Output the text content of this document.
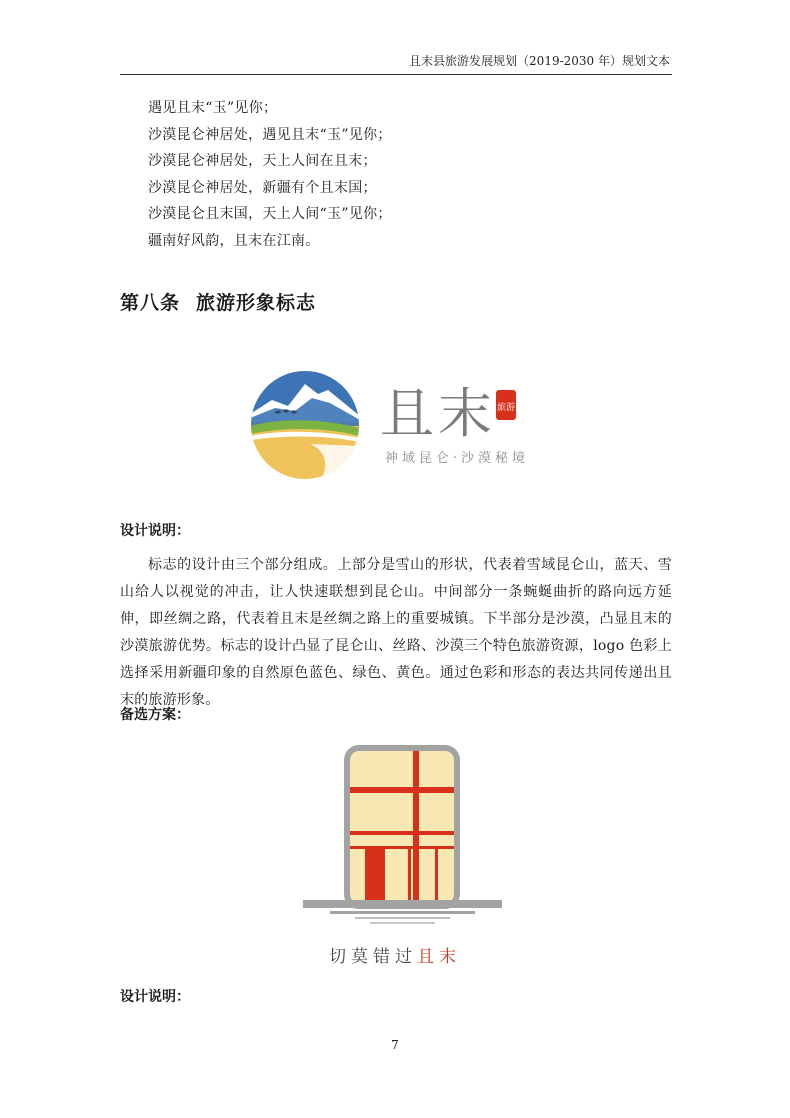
且末县旅游发展规划（2019-2030 年）规划文本
遇见且末“玉”见你；
沙漠昆仑神居处，遇见且末“玉”见你；
沙漠昆仑神居处，天上人间在且末；
沙漠昆仑神居处，新疆有个且末国；
沙漠昆仑且末国，天上人间“玉”见你；
疆南好风韵，且末在江南。
第八条 旅游形象标志
且末 旅游
神域昆仑·沙漠秘境
设计说明：
标志的设计由三个部分组成。上部分是雪山的形状，代表着雪域昆仑山，蓝天、雪山给人以视觉的冲击，让人快速联想到昆仑山。中间部分一条蜿蜒曲折的路向远方延伸，即丝绸之路，代表着且末是丝绸之路上的重要城镇。下半部分是沙漠，凸显且末的沙漠旅游优势。标志的设计凸显了昆仑山、丝路、沙漠三个特色旅游资源，logo 色彩上选择采用新疆印象的自然原色蓝色、绿色、黄色。通过色彩和形态的表达共同传递出且末的旅游形象。
备选方案：
切莫错过且末
设计说明：
7
